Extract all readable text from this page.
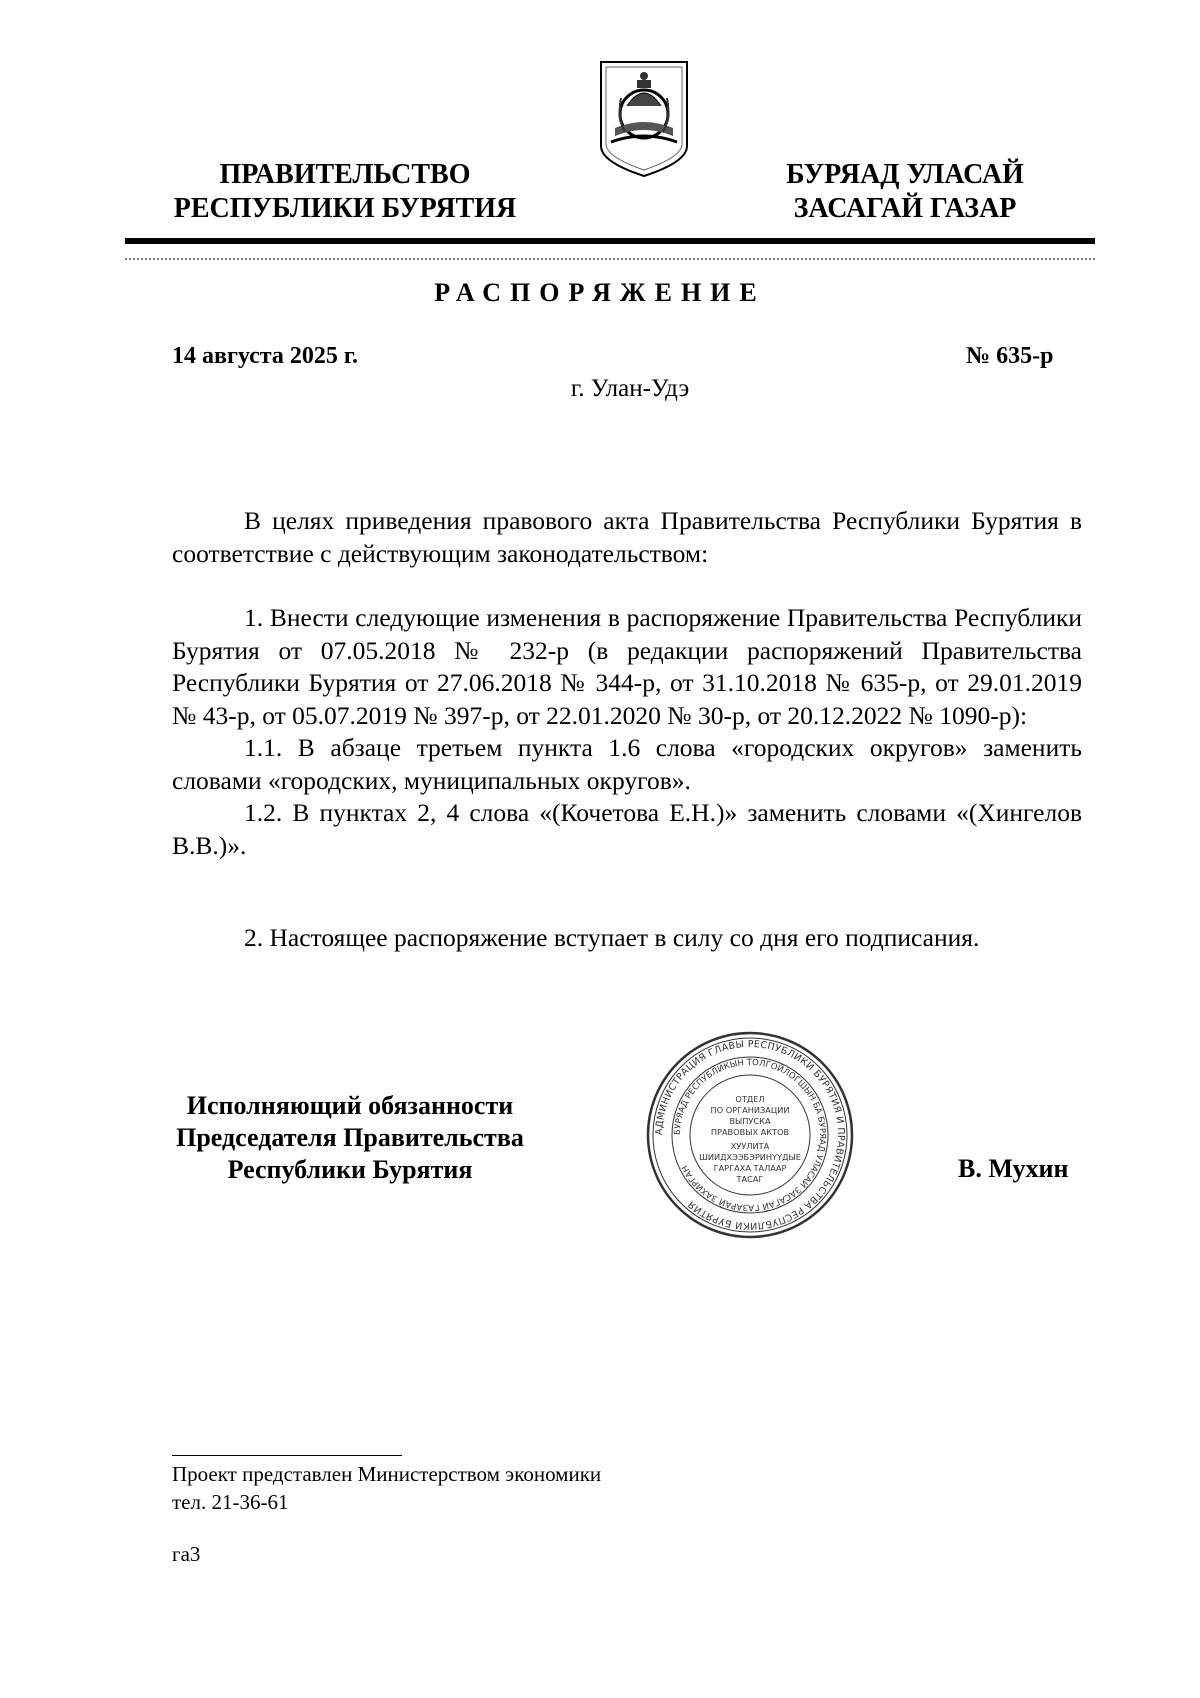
ПРАВИТЕЛЬСТВО
РЕСПУБЛИКИ БУРЯТИЯ
БУРЯАД УЛАСАЙ
ЗАСАГАЙ ГАЗАР
РАСПОРЯЖЕНИЕ
14 августа 2025 г.	№ 635-р
г. Улан-Удэ

В целях приведения правового акта Правительства Республики Бурятия в соответствие с действующим законодательством:

1. Внести следующие изменения в распоряжение Правительства Республики Бурятия от 07.05.2018 № 232-р (в редакции распоряжений Правительства Республики Бурятия от 27.06.2018 № 344-р, от 31.10.2018 № 635-р, от 29.01.2019 № 43-р, от 05.07.2019 № 397-р, от 22.01.2020 № 30-р, от 20.12.2022 № 1090-р):

1.1. В абзаце третьем пункта 1.6 слова «городских округов» заменить словами «городских, муниципальных округов».

1.2. В пунктах 2, 4 слова «(Кочетова Е.Н.)» заменить словами «(Хингелов В.В.)».

2. Настоящее распоряжение вступает в силу со дня его подписания.

Исполняющий обязанности
Председателя Правительства
Республики Бурятия	В. Мухин
АДМИНИСТРАЦИЯ ГЛАВЫ РЕСПУБЛИКИ БУРЯТИЯ И ПРАВИТЕЛЬСТВА РЕСПУБЛИКИ БУРЯТИЯ
БУРЯАД РЕСПУБЛИКЫН ТОЛГОЙЛОГШЫН БА БУРЯАД УЛАСАЙ ЗАСАГАЙ ГАЗАРАЙ ЗАХИРГАН
ОТДЕЛ
ПО ОРГАНИЗАЦИИ
ВЫПУСКА
ПРАВОВЫХ АКТОВ
ХУУЛИТА
ШИИДХЭЭБЭРИНҮҮДЫЕ
ГАРГАХА ТАЛААР
ТАСАГ
Проект представлен Министерством экономики
тел. 21-36-61
га3
